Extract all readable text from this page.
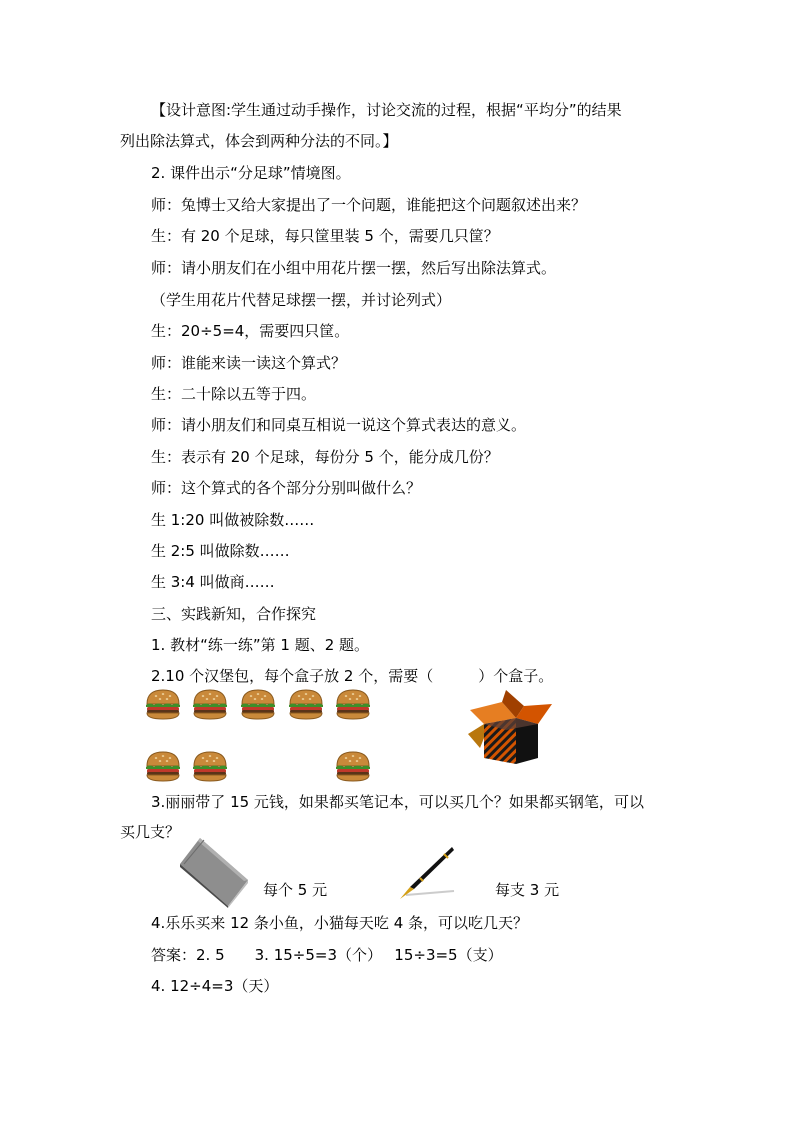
【设计意图:学生通过动手操作，讨论交流的过程，根据“平均分”的结果
列出除法算式，体会到两种分法的不同。】
2. 课件出示“分足球”情境图。
师：兔博士又给大家提出了一个问题，谁能把这个问题叙述出来？
生：有 20 个足球，每只筐里装 5 个，需要几只筐？
师：请小朋友们在小组中用花片摆一摆，然后写出除法算式。
（学生用花片代替足球摆一摆，并讨论列式）
生：20÷5=4，需要四只筐。
师：谁能来读一读这个算式？
生：二十除以五等于四。
师：请小朋友们和同桌互相说一说这个算式表达的意义。
生：表示有 20 个足球，每份分 5 个，能分成几份？
师：这个算式的各个部分分别叫做什么？
生 1:20 叫做被除数……
生 2:5 叫做除数……
生 3:4 叫做商……
三、实践新知，合作探究
1. 教材“练一练”第 1 题、2 题。
2.10 个汉堡包，每个盒子放 2 个，需要（　　　）个盒子。
3.丽丽带了 15 元钱，如果都买笔记本，可以买几个？如果都买钢笔，可以
买几支？
4.乐乐买来 12 条小鱼，小猫每天吃 4 条，可以吃几天？
答案：2. 5　　3. 15÷5=3（个）　 15÷3=5（支）
4. 12÷4=3（天）
每个 5 元	每支 3 元
